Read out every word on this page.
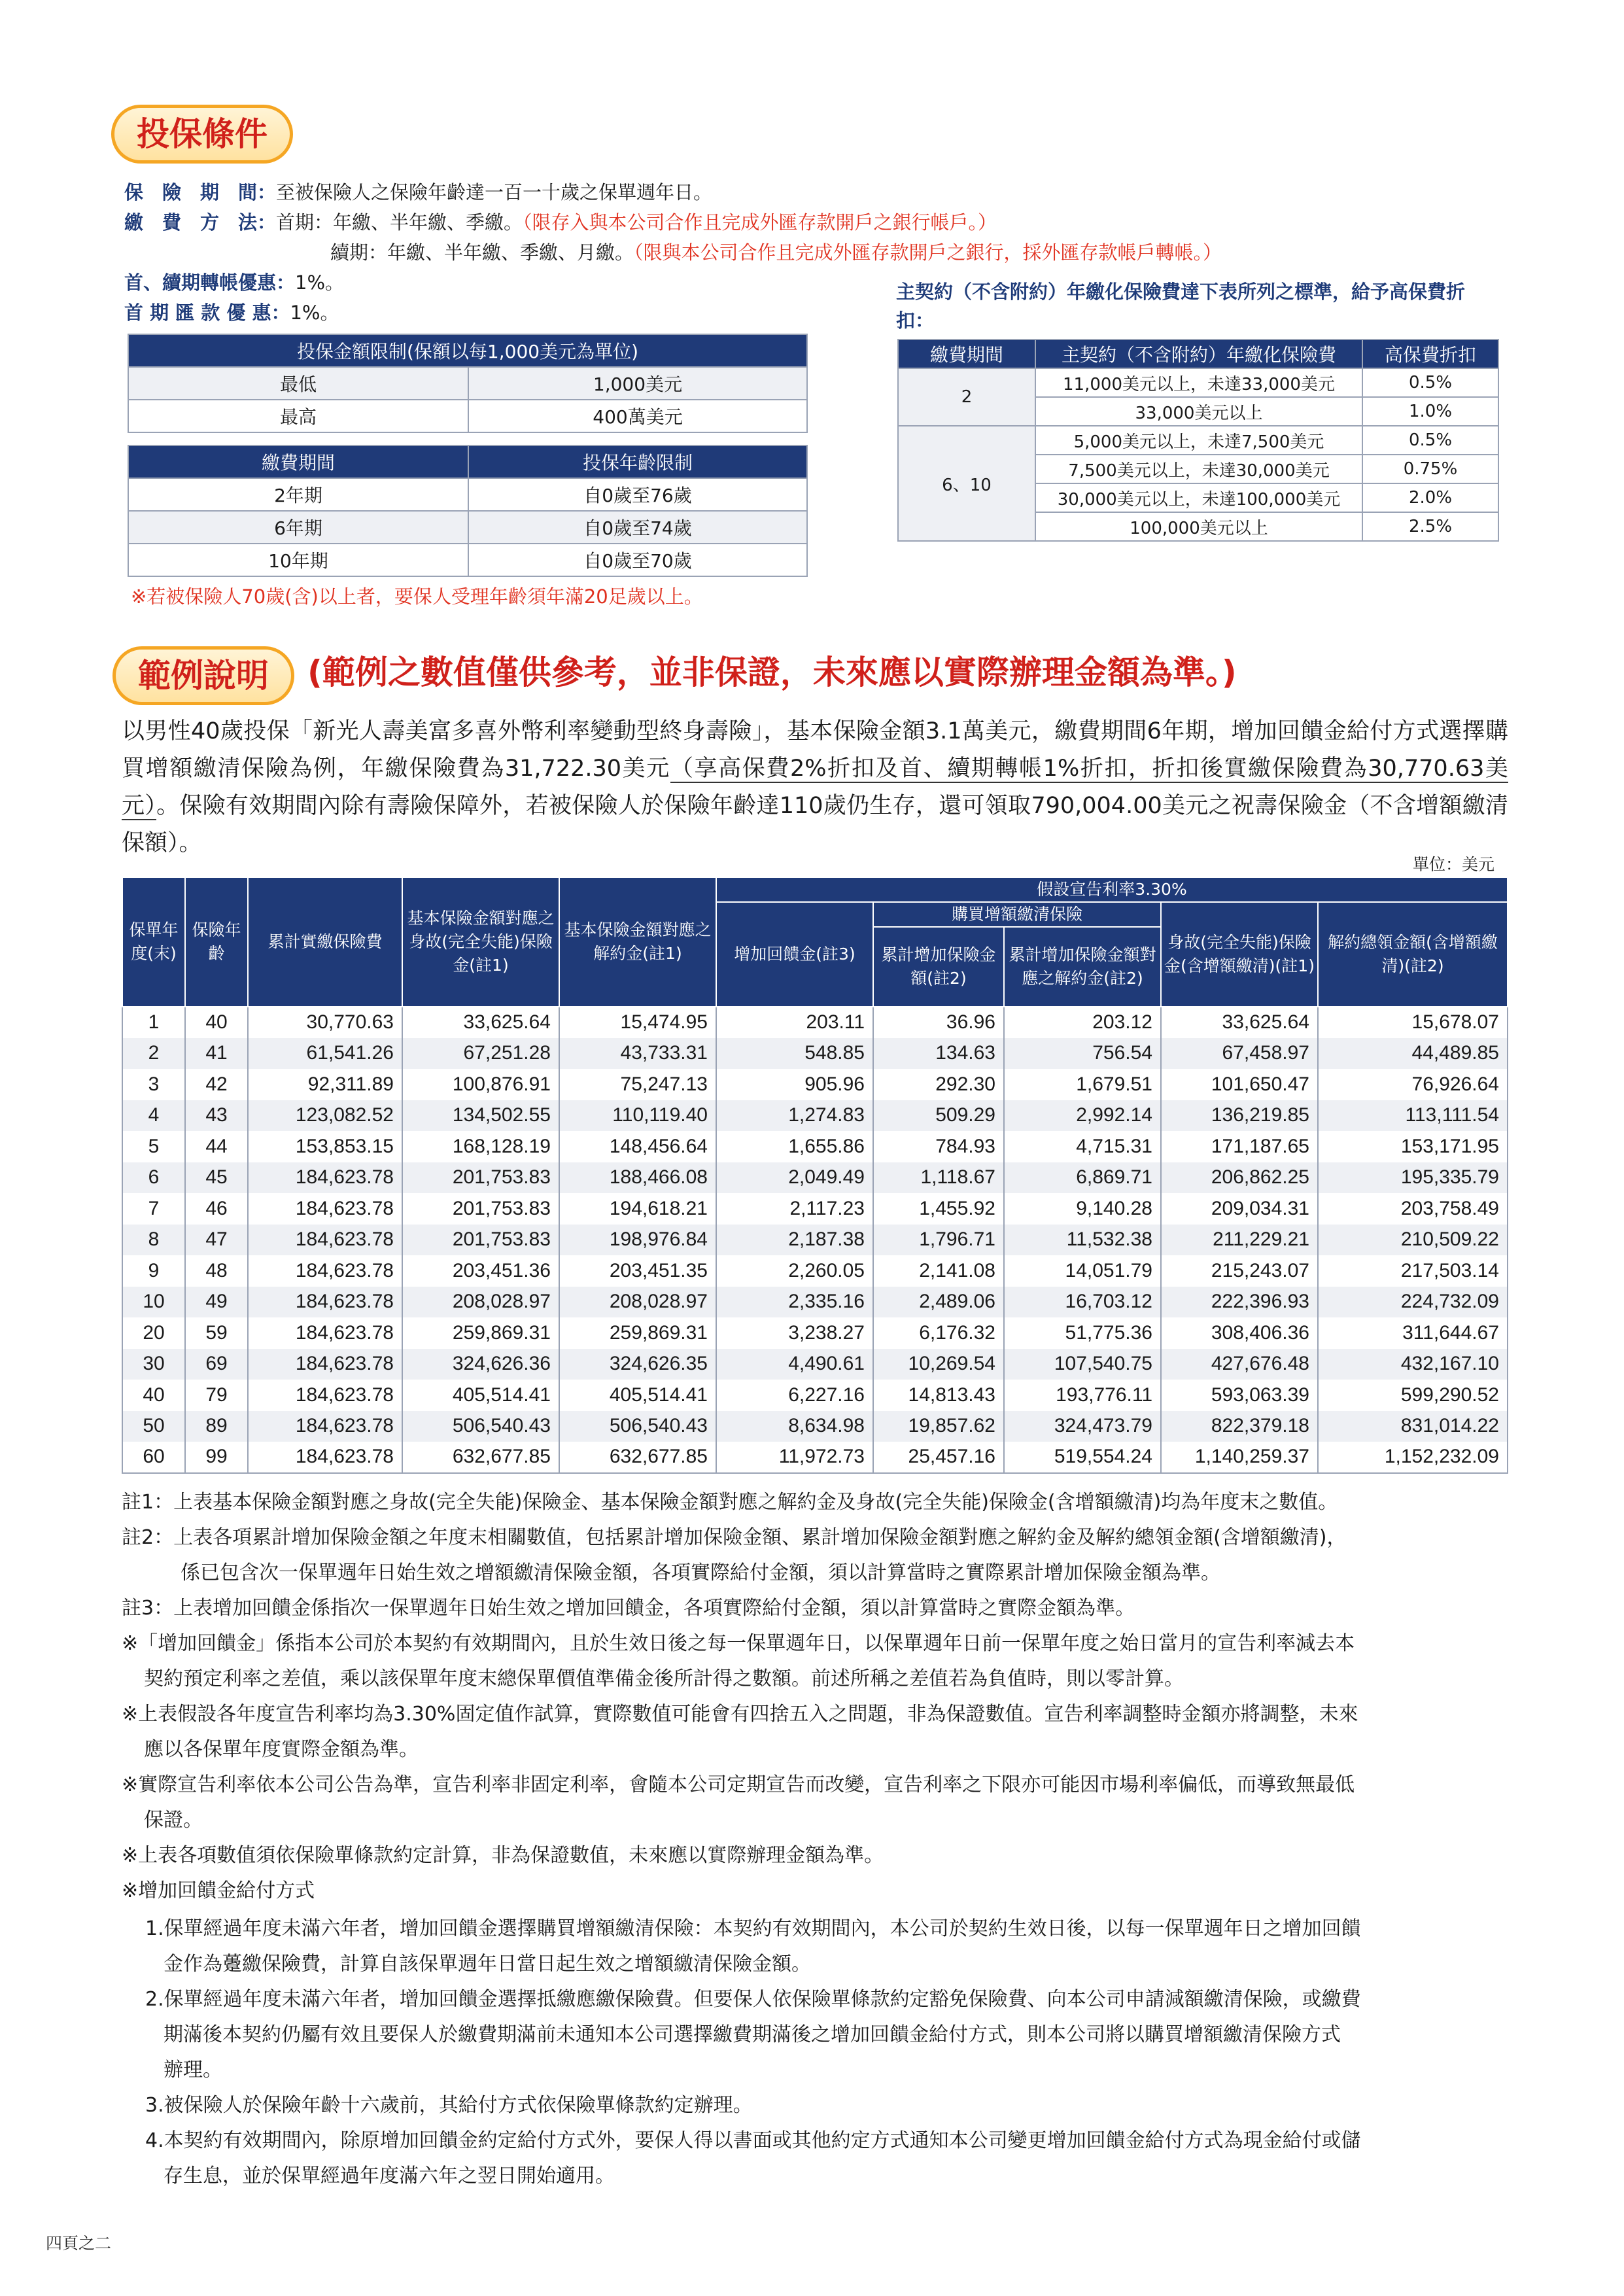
投保條件
保　險　期　間：至被保險人之保險年齡達一百一十歲之保單週年日。
繳　費　方　法：首期：年繳、半年繳、季繳。（限存入與本公司合作且完成外匯存款開戶之銀行帳戶。）
續期：年繳、半年繳、季繳、月繳。（限與本公司合作且完成外匯存款開戶之銀行，採外匯存款帳戶轉帳。）
首、續期轉帳優惠：1%。
首 期 匯 款 優 惠：1%。
投保金額限制(保額以每1,000美元為單位)	
最低	1,000美元
最高	400萬美元
繳費期間	投保年齡限制
2年期	自0歲至76歲
6年期	自0歲至74歲
10年期	自0歲至70歲
※若被保險人70歲(含)以上者，要保人受理年齡須年滿20足歲以上。
主契約（不含附約）年繳化保險費達下表所列之標準，給予高保費折扣：
繳費期間	主契約（不含附約）年繳化保險費	高保費折扣
2	11,000美元以上，未達33,000美元	0.5%
	33,000美元以上	1.0%
6、10	5,000美元以上，未達7,500美元	0.5%
	7,500美元以上，未達30,000美元	0.75%
	30,000美元以上，未達100,000美元	2.0%
	100,000美元以上	2.5%
範例說明	(範例之數值僅供參考，並非保證，未來應以實際辦理金額為準。)
以男性40歲投保「新光人壽美富多喜外幣利率變動型終身壽險」，基本保險金額3.1萬美元，繳費期間6年期，增加回饋金給付方式選擇購買增額繳清保險為例，年繳保險費為31,722.30美元（享高保費2%折扣及首、續期轉帳1%折扣，折扣後實繳保險費為30,770.63美元）。保險有效期間內除有壽險保障外，若被保險人於保險年齡達110歲仍生存，還可領取790,004.00美元之祝壽保險金（不含增額繳清保額）。
單位：美元
保單年度(末)	保險年齡	累計實繳保險費	基本保險金額對應之身故(完全失能)保險金(註1)	基本保險金額對應之解約金(註1)	假設宣告利率3.30%				
					增加回饋金(註3)	購買增額繳清保險		身故(完全失能)保險金(含增額繳清)(註1)	解約總領金額(含增額繳清)(註2)
						累計增加保險金額(註2)	累計增加保險金額對應之解約金(註2)		
1	40	30,770.63	33,625.64	15,474.95	203.11	36.96	203.12	33,625.64	15,678.07
2	41	61,541.26	67,251.28	43,733.31	548.85	134.63	756.54	67,458.97	44,489.85
3	42	92,311.89	100,876.91	75,247.13	905.96	292.30	1,679.51	101,650.47	76,926.64
4	43	123,082.52	134,502.55	110,119.40	1,274.83	509.29	2,992.14	136,219.85	113,111.54
5	44	153,853.15	168,128.19	148,456.64	1,655.86	784.93	4,715.31	171,187.65	153,171.95
6	45	184,623.78	201,753.83	188,466.08	2,049.49	1,118.67	6,869.71	206,862.25	195,335.79
7	46	184,623.78	201,753.83	194,618.21	2,117.23	1,455.92	9,140.28	209,034.31	203,758.49
8	47	184,623.78	201,753.83	198,976.84	2,187.38	1,796.71	11,532.38	211,229.21	210,509.22
9	48	184,623.78	203,451.36	203,451.35	2,260.05	2,141.08	14,051.79	215,243.07	217,503.14
10	49	184,623.78	208,028.97	208,028.97	2,335.16	2,489.06	16,703.12	222,396.93	224,732.09
20	59	184,623.78	259,869.31	259,869.31	3,238.27	6,176.32	51,775.36	308,406.36	311,644.67
30	69	184,623.78	324,626.36	324,626.35	4,490.61	10,269.54	107,540.75	427,676.48	432,167.10
40	79	184,623.78	405,514.41	405,514.41	6,227.16	14,813.43	193,776.11	593,063.39	599,290.52
50	89	184,623.78	506,540.43	506,540.43	8,634.98	19,857.62	324,473.79	822,379.18	831,014.22
60	99	184,623.78	632,677.85	632,677.85	11,972.73	25,457.16	519,554.24	1,140,259.37	1,152,232.09
註1：上表基本保險金額對應之身故(完全失能)保險金、基本保險金額對應之解約金及身故(完全失能)保險金(含增額繳清)均為年度末之數值。
註2：上表各項累計增加保險金額之年度末相關數值，包括累計增加保險金額、累計增加保險金額對應之解約金及解約總領金額(含增額繳清)，
係已包含次一保單週年日始生效之增額繳清保險金額，各項實際給付金額，須以計算當時之實際累計增加保險金額為準。
註3：上表增加回饋金係指次一保單週年日始生效之增加回饋金，各項實際給付金額，須以計算當時之實際金額為準。
※「增加回饋金」係指本公司於本契約有效期間內，且於生效日後之每一保單週年日，以保單週年日前一保單年度之始日當月的宣告利率減去本
契約預定利率之差值，乘以該保單年度末總保單價值準備金後所計得之數額。前述所稱之差值若為負值時，則以零計算。
※上表假設各年度宣告利率均為3.30%固定值作試算，實際數值可能會有四捨五入之問題，非為保證數值。宣告利率調整時金額亦將調整，未來
應以各保單年度實際金額為準。
※實際宣告利率依本公司公告為準，宣告利率非固定利率，會隨本公司定期宣告而改變，宣告利率之下限亦可能因市場利率偏低，而導致無最低
保證。
※上表各項數值須依保險單條款約定計算，非為保證數值，未來應以實際辦理金額為準。
※增加回饋金給付方式
1.保單經過年度未滿六年者，增加回饋金選擇購買增額繳清保險：本契約有效期間內，本公司於契約生效日後，以每一保單週年日之增加回饋
金作為躉繳保險費，計算自該保單週年日當日起生效之增額繳清保險金額。
2.保單經過年度未滿六年者，增加回饋金選擇抵繳應繳保險費。但要保人依保險單條款約定豁免保險費、向本公司申請減額繳清保險，或繳費
期滿後本契約仍屬有效且要保人於繳費期滿前未通知本公司選擇繳費期滿後之增加回饋金給付方式，則本公司將以購買增額繳清保險方式
辦理。
3.被保險人於保險年齡十六歲前，其給付方式依保險單條款約定辦理。
4.本契約有效期間內，除原增加回饋金約定給付方式外，要保人得以書面或其他約定方式通知本公司變更增加回饋金給付方式為現金給付或儲
存生息，並於保單經過年度滿六年之翌日開始適用。
四頁之二
